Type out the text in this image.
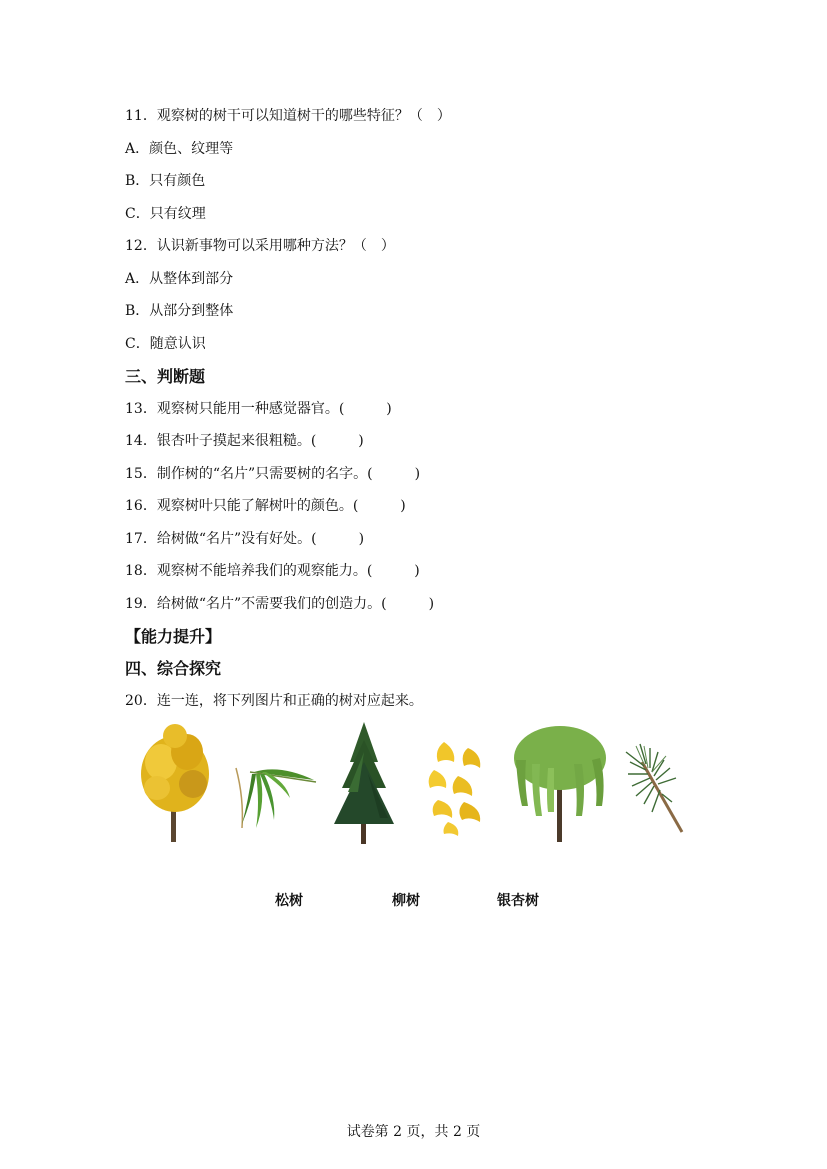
11．观察树的树干可以知道树干的哪些特征？（　）
A．颜色、纹理等
B．只有颜色
C．只有纹理
12．认识新事物可以采用哪种方法？（　）
A．从整体到部分
B．从部分到整体
C．随意认识
三、判断题
13．观察树只能用一种感觉器官。(　　　)
14．银杏叶子摸起来很粗糙。(　　　)
15．制作树的“名片”只需要树的名字。(　　　)
16．观察树叶只能了解树叶的颜色。(　　　)
17．给树做“名片”没有好处。(　　　)
18．观察树不能培养我们的观察能力。(　　　)
19．给树做“名片”不需要我们的创造力。(　　　)
【能力提升】
四、综合探究
20．连一连，将下列图片和正确的树对应起来。
松树	柳树	银杏树
试卷第 2 页，共 2 页
